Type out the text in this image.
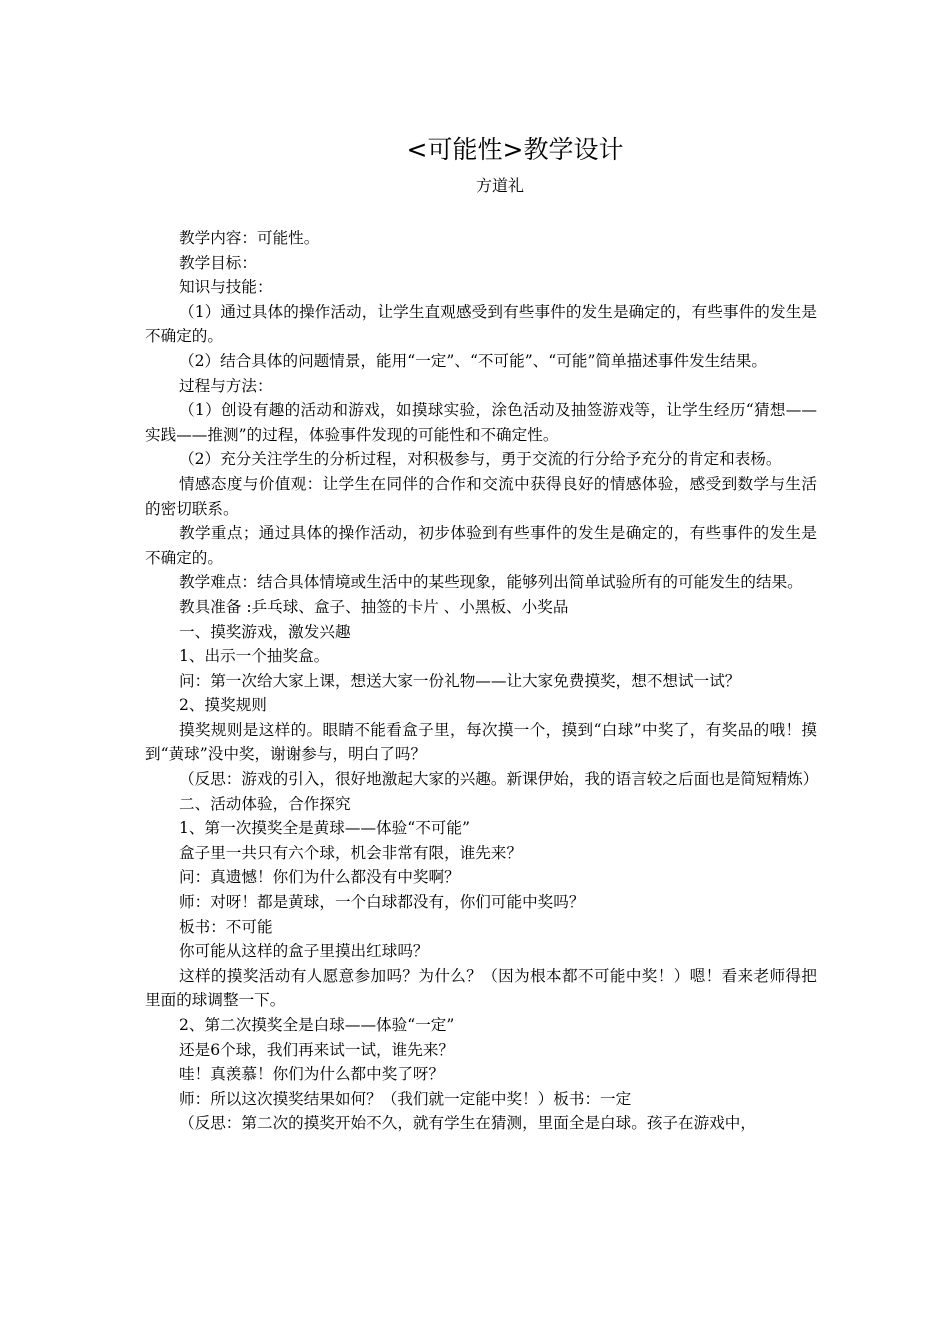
<可能性>教学设计
方道礼

教学内容：可能性。

教学目标：

知识与技能：

（1）通过具体的操作活动，让学生直观感受到有些事件的发生是确定的，有些事件的发生是不确定的。

（2）结合具体的问题情景，能用“一定”、“不可能”、“可能”简单描述事件发生结果。

过程与方法：

（1）创设有趣的活动和游戏，如摸球实验，涂色活动及抽签游戏等，让学生经历“猜想——实践——推测”的过程，体验事件发现的可能性和不确定性。

（2）充分关注学生的分析过程，对积极参与，勇于交流的行分给予充分的肯定和表杨。

情感态度与价值观：让学生在同伴的合作和交流中获得良好的情感体验，感受到数学与生活的密切联系。

教学重点；通过具体的操作活动，初步体验到有些事件的发生是确定的，有些事件的发生是不确定的。

教学难点：结合具体情境或生活中的某些现象，能够列出简单试验所有的可能发生的结果。

教具准备 :乒乓球、盒子、抽签的卡片 、小黑板、小奖品

一、摸奖游戏，激发兴趣

1、出示一个抽奖盒。

问：第一次给大家上课，想送大家一份礼物——让大家免费摸奖，想不想试一试？

2、摸奖规则

摸奖规则是这样的。眼睛不能看盒子里，每次摸一个，摸到“白球”中奖了，有奖品的哦！摸到“黄球”没中奖，谢谢参与，明白了吗？

（反思：游戏的引入，很好地激起大家的兴趣。新课伊始，我的语言较之后面也是简短精炼）

二、活动体验，合作探究

1、第一次摸奖全是黄球——体验“不可能”

盒子里一共只有六个球，机会非常有限，谁先来？

问：真遗憾！你们为什么都没有中奖啊？

师：对呀！都是黄球，一个白球都没有，你们可能中奖吗？

板书：不可能

你可能从这样的盒子里摸出红球吗？

这样的摸奖活动有人愿意参加吗？为什么？（因为根本都不可能中奖！）嗯！看来老师得把里面的球调整一下。

2、第二次摸奖全是白球——体验“一定”

还是6个球，我们再来试一试，谁先来？

哇！真羡慕！你们为什么都中奖了呀？

师：所以这次摸奖结果如何？（我们就一定能中奖！）板书：一定

（反思：第二次的摸奖开始不久，就有学生在猜测，里面全是白球。孩子在游戏中，
